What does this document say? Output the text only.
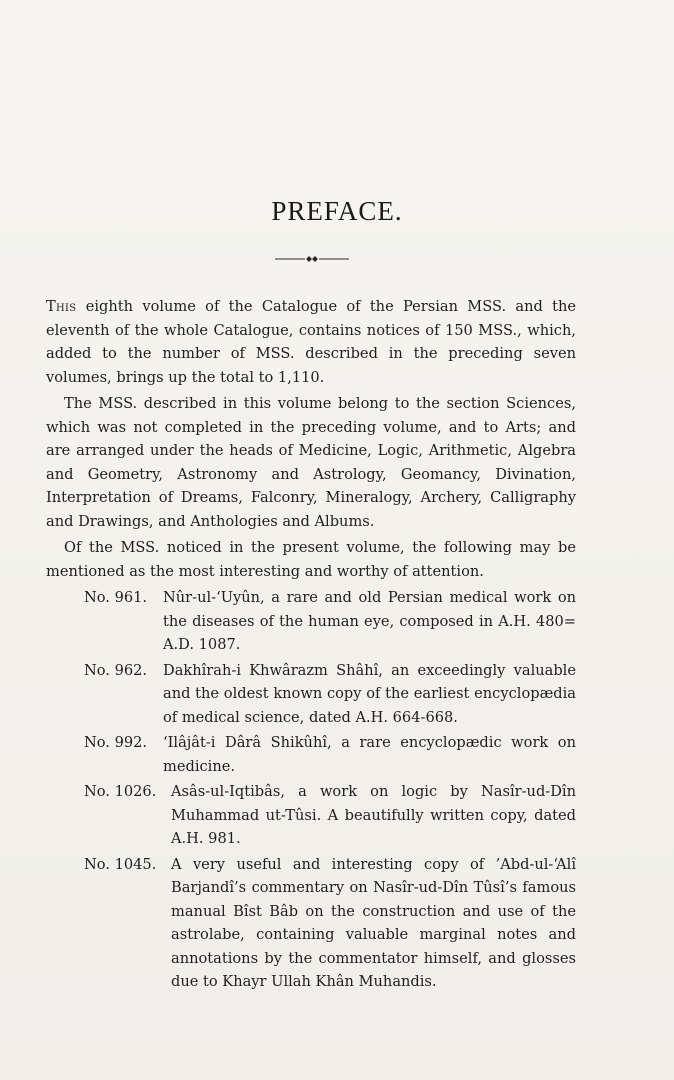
PREFACE.

This eighth volume of the Catalogue of the Persian MSS. and the eleventh of the whole Catalogue, contains notices of 150 MSS., which, added to the number of MSS. described in the preceding seven volumes, brings up the total to 1,110.

The MSS. described in this volume belong to the section Sciences, which was not completed in the preceding volume, and to Arts; and are arranged under the heads of Medicine, Logic, Arithmetic, Algebra and Geometry, Astronomy and Astrology, Geomancy, Divination, Interpretation of Dreams, Falconry, Mineralogy, Archery, Calligraphy and Drawings, and Anthologies and Albums.

Of the MSS. noticed in the present volume, the following may be mentioned as the most interesting and worthy of attention.

No. 961. Nûr-ul-‘Uyûn, a rare and old Persian medical work on the diseases of the human eye, composed in A.H. 480= A.D. 1087.
No. 962. Dakhîrah-i Khwârazm Shâhî, an exceedingly valuable and the oldest known copy of the earliest encyclopædia of medical science, dated A.H. 664-668.
No. 992. ‘Ilâjât-i Dârâ Shikûhî, a rare encyclopædic work on medicine.
No. 1026. Asâs-ul-Iqtibâs, a work on logic by Nasîr-ud-Dîn Muhammad ut-Tûsi. A beautifully written copy, dated A.H. 981.
No. 1045. A very useful and interesting copy of ’Abd-ul-‘Alî Barjandî’s commentary on Nasîr-ud-Dîn Tûsî’s famous manual Bîst Bâb on the construction and use of the astrolabe, containing valuable marginal notes and annotations by the commentator himself, and glosses due to Khayr Ullah Khân Muhandis.
